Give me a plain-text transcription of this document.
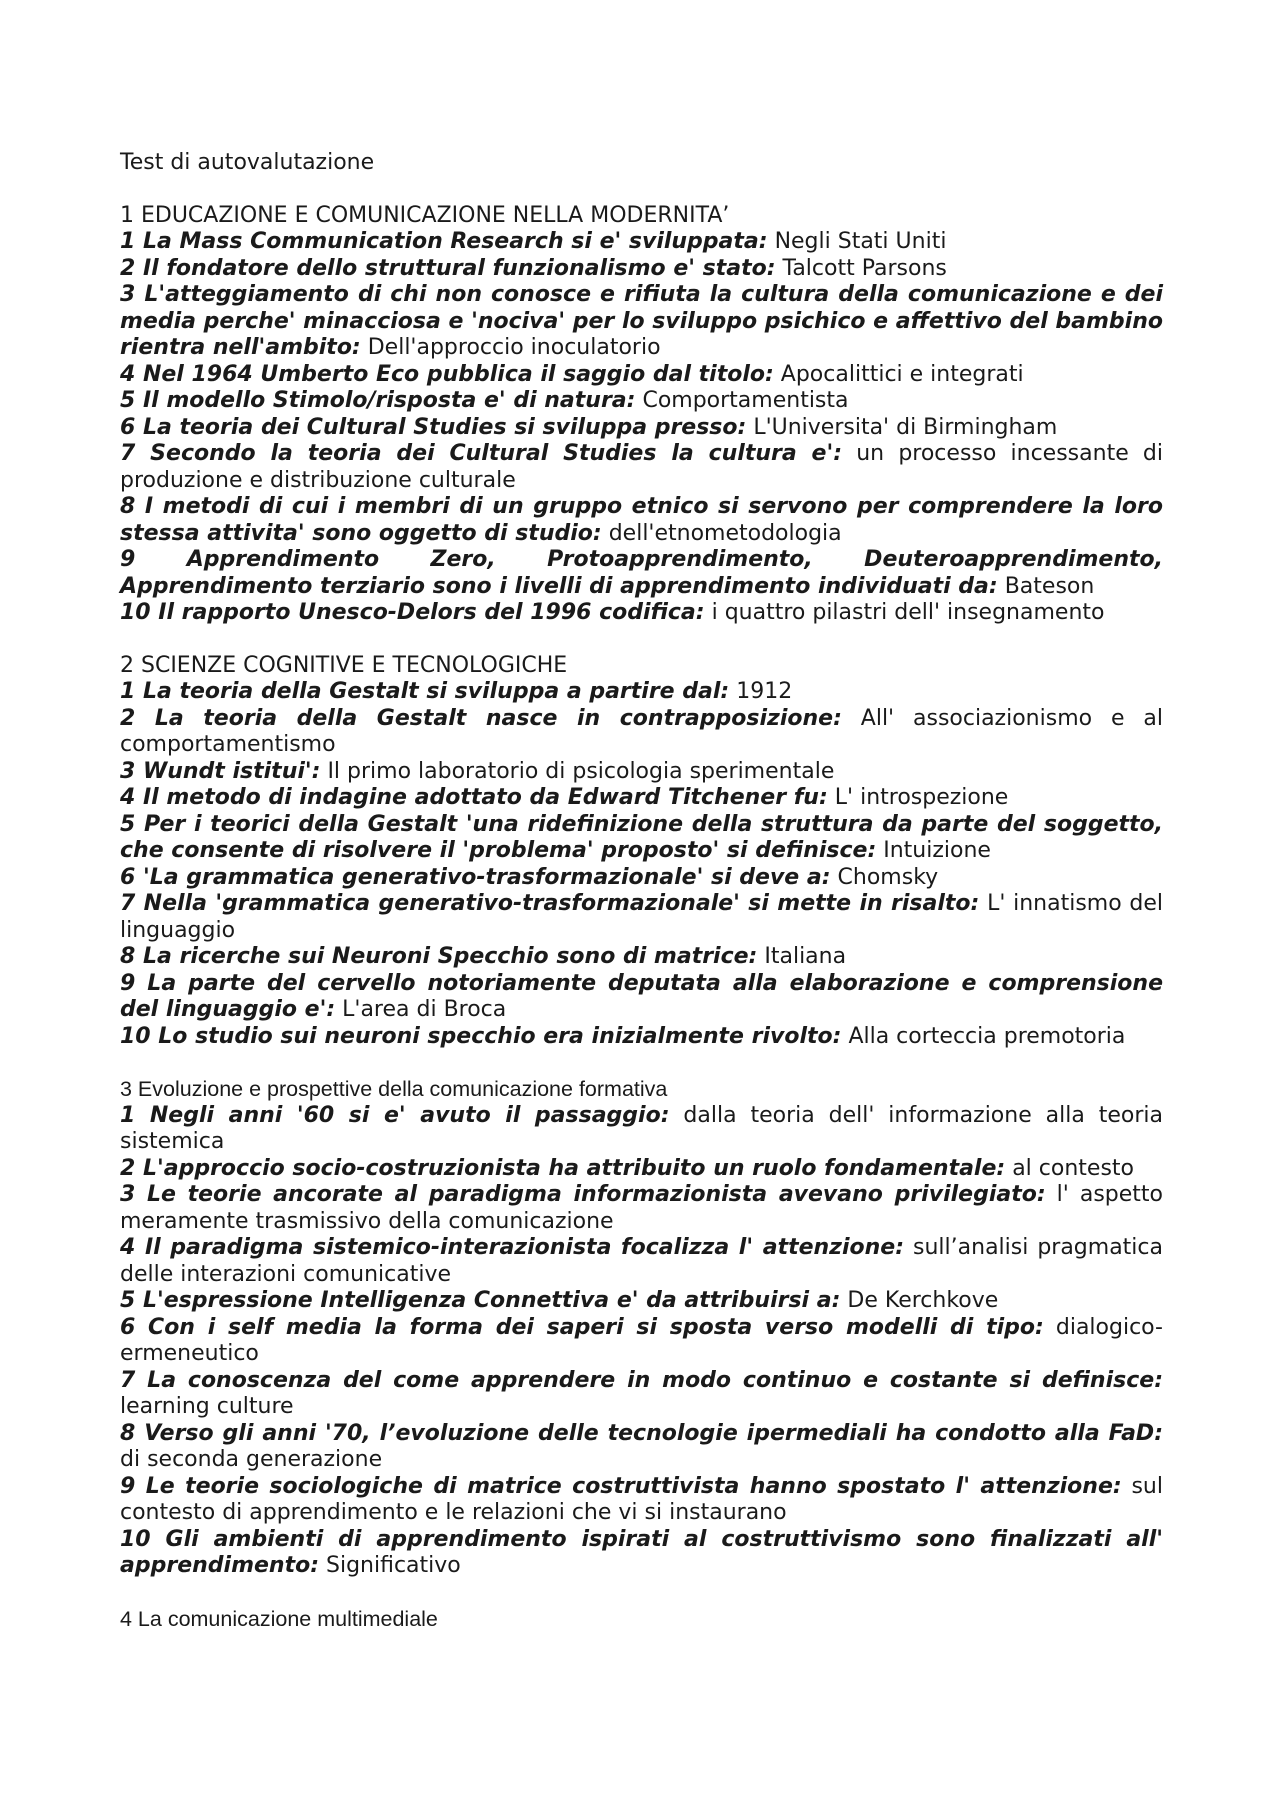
Test di autovalutazione

1 EDUCAZIONE E COMUNICAZIONE NELLA MODERNITA’

1 La Mass Communication Research si e' sviluppata: Negli Stati Uniti

2 Il fondatore dello struttural funzionalismo e' stato: Talcott Parsons

3 L'atteggiamento di chi non conosce e rifiuta la cultura della comunicazione e dei media perche' minacciosa e 'nociva' per lo sviluppo psichico e affettivo del bambino rientra nell'ambito: Dell'approccio inoculatorio

4 Nel 1964 Umberto Eco pubblica il saggio dal titolo: Apocalittici e integrati

5 Il modello Stimolo/risposta e' di natura: Comportamentista

6 La teoria dei Cultural Studies si sviluppa presso: L'Universita' di Birmingham

7 Secondo la teoria dei Cultural Studies la cultura e': un processo incessante di produzione e distribuzione culturale

8 I metodi di cui i membri di un gruppo etnico si servono per comprendere la loro stessa attivita' sono oggetto di studio: dell'etnometodologia

9 Apprendimento Zero, Protoapprendimento, Deuteroapprendimento, Apprendimento terziario sono i livelli di apprendimento individuati da: Bateson

10 Il rapporto Unesco-Delors del 1996 codifica: i quattro pilastri dell' insegnamento

2 SCIENZE COGNITIVE E TECNOLOGICHE

1 La teoria della Gestalt si sviluppa a partire dal: 1912

2 La teoria della Gestalt nasce in contrapposizione: All' associazionismo e al comportamentismo

3 Wundt istitui': Il primo laboratorio di psicologia sperimentale

4 Il metodo di indagine adottato da Edward Titchener fu: L' introspezione

5 Per i teorici della Gestalt 'una ridefinizione della struttura da parte del soggetto, che consente di risolvere il 'problema' proposto' si definisce: Intuizione

6 'La grammatica generativo-trasformazionale' si deve a: Chomsky

7 Nella 'grammatica generativo-trasformazionale' si mette in risalto: L' innatismo del linguaggio

8 La ricerche sui Neuroni Specchio sono di matrice: Italiana

9 La parte del cervello notoriamente deputata alla elaborazione e comprensione del linguaggio e': L'area di Broca

10 Lo studio sui neuroni specchio era inizialmente rivolto: Alla corteccia premotoria

3 Evoluzione e prospettive della comunicazione formativa

1 Negli anni '60 si e' avuto il passaggio: dalla teoria dell' informazione alla teoria sistemica

2 L'approccio socio-costruzionista ha attribuito un ruolo fondamentale: al contesto

3 Le teorie ancorate al paradigma informazionista avevano privilegiato: l' aspetto meramente trasmissivo della comunicazione

4 Il paradigma sistemico-interazionista focalizza l' attenzione: sull’analisi pragmatica delle interazioni comunicative

5 L'espressione Intelligenza Connettiva e' da attribuirsi a: De Kerchkove

6 Con i self media la forma dei saperi si sposta verso modelli di tipo: dialogico-ermeneutico

7 La conoscenza del come apprendere in modo continuo e costante si definisce: learning culture

8 Verso gli anni '70, l’evoluzione delle tecnologie ipermediali ha condotto alla FaD: di seconda generazione

9 Le teorie sociologiche di matrice costruttivista hanno spostato l' attenzione: sul contesto di apprendimento e le relazioni che vi si instaurano

10 Gli ambienti di apprendimento ispirati al costruttivismo sono finalizzati all' apprendimento: Significativo

4 La comunicazione multimediale
